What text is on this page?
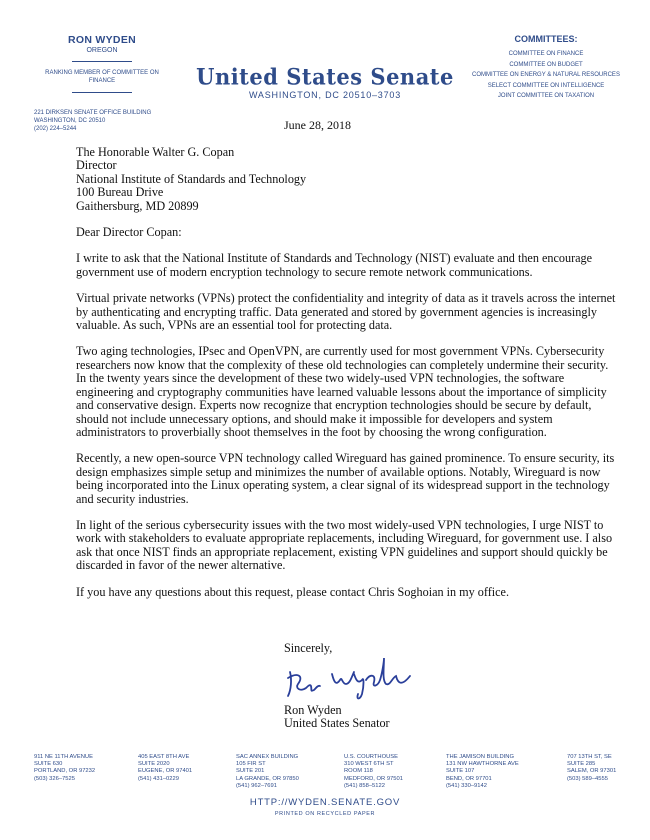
RON WYDEN
OREGON
RANKING MEMBER OF COMMITTEE ON
FINANCE
221 DIRKSEN SENATE OFFICE BUILDING
WASHINGTON, DC 20510
(202) 224–5244
United States Senate
WASHINGTON, DC 20510–3703
COMMITTEES:
COMMITTEE ON FINANCE
COMMITTEE ON BUDGET
COMMITTEE ON ENERGY & NATURAL RESOURCES
SELECT COMMITTEE ON INTELLIGENCE
JOINT COMMITTEE ON TAXATION
June 28, 2018
The Honorable Walter G. Copan
Director
National Institute of Standards and Technology
100 Bureau Drive
Gaithersburg, MD 20899

Dear Director Copan:

I write to ask that the National Institute of Standards and Technology (NIST) evaluate and then encourage government use of modern encryption technology to secure remote network communications.

Virtual private networks (VPNs) protect the confidentiality and integrity of data as it travels across the internet by authenticating and encrypting traffic. Data generated and stored by government agencies is increasingly valuable. As such, VPNs are an essential tool for protecting data.

Two aging technologies, IPsec and OpenVPN, are currently used for most government VPNs. Cybersecurity researchers now know that the complexity of these old technologies can completely undermine their security. In the twenty years since the development of these two widely-used VPN technologies, the software engineering and cryptography communities have learned valuable lessons about the importance of simplicity and conservative design. Experts now recognize that encryption technologies should be secure by default, should not include unnecessary options, and should make it impossible for developers and system administrators to proverbially shoot themselves in the foot by choosing the wrong configuration.

Recently, a new open-source VPN technology called Wireguard has gained prominence. To ensure security, its design emphasizes simple setup and minimizes the number of available options. Notably, Wireguard is now being incorporated into the Linux operating system, a clear signal of its widespread support in the technology and security industries.

In light of the serious cybersecurity issues with the two most widely-used VPN technologies, I urge NIST to work with stakeholders to evaluate appropriate replacements, including Wireguard, for government use. I also ask that once NIST finds an appropriate replacement, existing VPN guidelines and support should quickly be discarded in favor of the newer alternative.

If you have any questions about this request, please contact Chris Soghoian in my office.

Sincerely,
Ron Wyden
United States Senator
911 NE 11TH AVENUE
SUITE 630
PORTLAND, OR 97232
(503) 326–7525
405 EAST 8TH AVE
SUITE 2020
EUGENE, OR 97401
(541) 431–0229
SAC ANNEX BUILDING
105 FIR ST
SUITE 201
LA GRANDE, OR 97850
(541) 962–7691
U.S. COURTHOUSE
310 WEST 6TH ST
ROOM 118
MEDFORD, OR 97501
(541) 858–5122
THE JAMISON BUILDING
131 NW HAWTHORNE AVE
SUITE 107
BEND, OR 97701
(541) 330–9142
707 13TH ST, SE
SUITE 285
SALEM, OR 97301
(503) 589–4555
HTTP://WYDEN.SENATE.GOV
PRINTED ON RECYCLED PAPER
